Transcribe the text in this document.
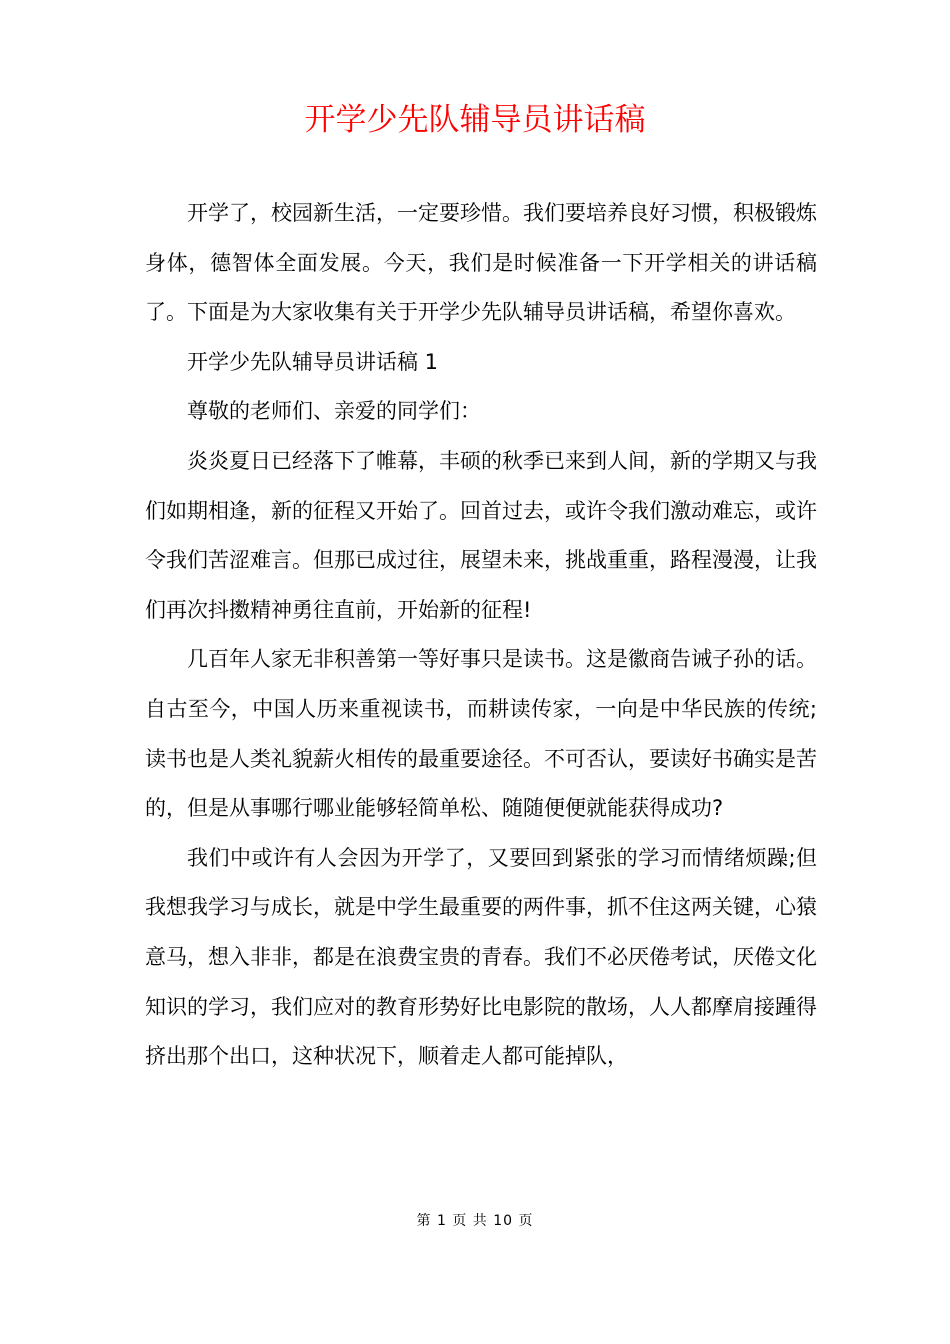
开学少先队辅导员讲话稿

开学了，校园新生活，一定要珍惜。我们要培养良好习惯，积极锻炼身体，德智体全面发展。今天，我们是时候准备一下开学相关的讲话稿了。下面是为大家收集有关于开学少先队辅导员讲话稿，希望你喜欢。

开学少先队辅导员讲话稿 1

尊敬的老师们、亲爱的同学们：

炎炎夏日已经落下了帷幕，丰硕的秋季已来到人间，新的学期又与我们如期相逢，新的征程又开始了。回首过去，或许令我们激动难忘，或许令我们苦涩难言。但那已成过往，展望未来，挑战重重，路程漫漫，让我们再次抖擞精神勇往直前，开始新的征程!

几百年人家无非积善第一等好事只是读书。这是徽商告诫子孙的话。自古至今，中国人历来重视读书，而耕读传家，一向是中华民族的传统;读书也是人类礼貌薪火相传的最重要途径。不可否认，要读好书确实是苦的，但是从事哪行哪业能够轻简单松、随随便便就能获得成功?

我们中或许有人会因为开学了，又要回到紧张的学习而情绪烦躁;但我想我学习与成长，就是中学生最重要的两件事，抓不住这两关键，心猿意马，想入非非，都是在浪费宝贵的青春。我们不必厌倦考试，厌倦文化知识的学习，我们应对的教育形势好比电影院的散场，人人都摩肩接踵得挤出那个出口，这种状况下，顺着走人都可能掉队，

第 1 页 共 10 页
